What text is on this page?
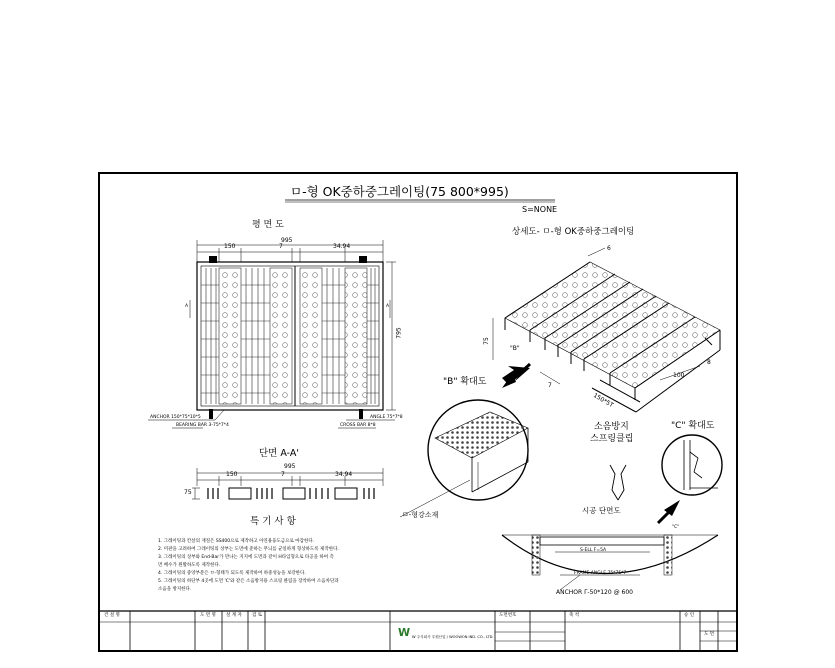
ㅁ-형 OK중하중그레이팅(75 800*995)
S=NONE
평 면 도
995
150	7	34.94
795
A	A
ANCHOR 150*75*10*5
BEARING BAR 3-75*7*4	CROSS BAR 8*8
ANGLE 75*7*8
단면 A-A'
995
150	7	34.94
75
특 기 사 항
1. 그레이팅과 칸살의 재질은 SS400으로 제작하고 아연용융도금으로 마감한다.
2. 미관을 고려하여 그레이팅의 상부는 도면에 준하는 무늬를 균일하게 형상하도록 제작한다.
3. 그레이팅의 상부와 End-Bar가 만나는 지지에 도면과 같이 H타입형으로 타공을 하여 측
면 배수가 원활하도록 제작한다.
4. 그레이팅의 중앙부분은 ㅁ-형태가 되도록 제작하여 하중성능을 보강한다.
5. 그레이팅의 하단부 4곳에 도면 'C'와 같은 소음방지용 스프링 클립을 장착하여 소음차단과
소음을 방지한다.
상세도- ㅁ-형 OK중하중그레이팅
6
75
"B"
7
100
8
150*5T
"B" 확대도
소음방지
스프링클립
"C" 확대도
ㅁ-형강소재	시공 단면도
"C"
S-ELL F=5A
FRAME ANGLE 75*75*7
ANCHOR Γ-50*120 @ 600
건 설 명	도 면 명 설 계 자 검 토	도면번호	축 척	승 인
도 면
W W 주식회사 우원산업 / WOOWON IND. CO., LTD.
